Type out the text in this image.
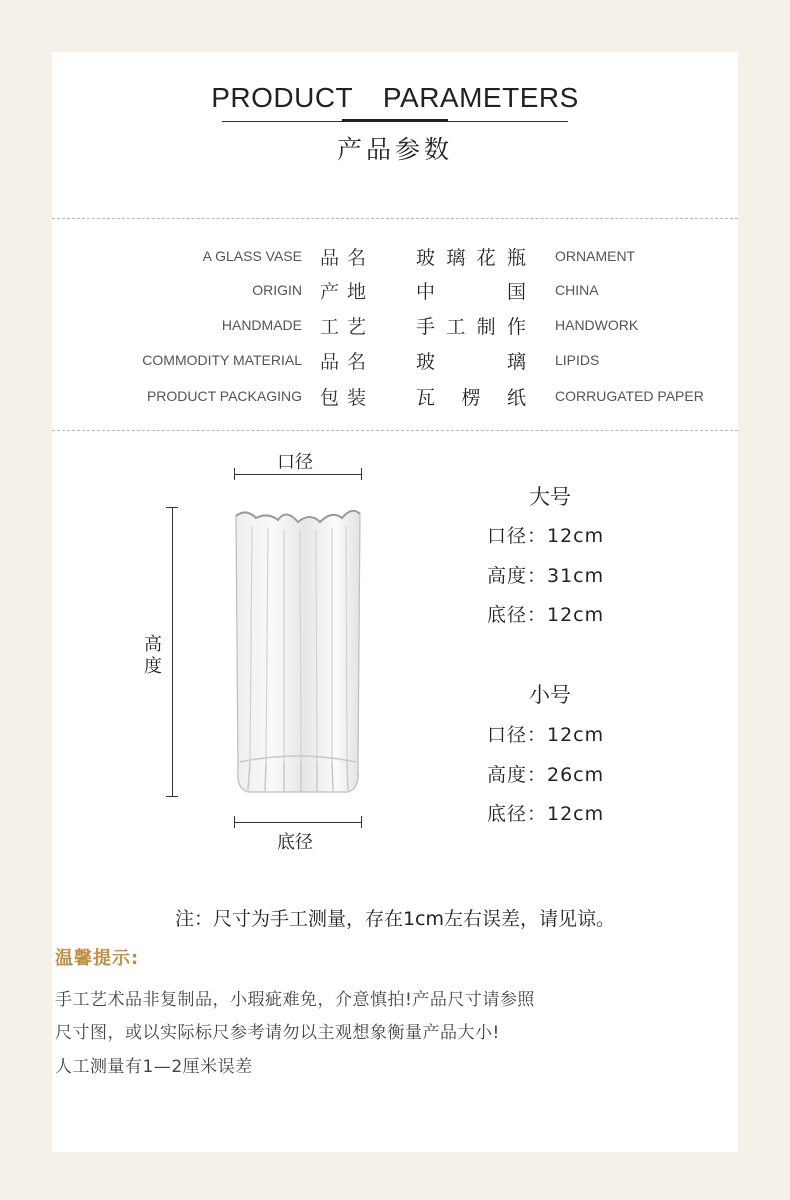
PRODUCT PARAMETERS
产品参数
A GLASS VASE 品名	玻 璃 花 瓶 ORNAMENT
ORIGIN 产地	中	国 CHINA
HANDMADE 工艺	手 工 制 作 HANDWORK
COMMODITY MATERIAL 品名	玻	璃 LIPIDS
PRODUCT PACKAGING 包装	瓦 楞 纸 CORRUGATED PAPER
口径
高
度
底径
大号
口径：12cm
高度：31cm
底径：12cm
小号
口径：12cm
高度：26cm
底径：12cm
注：尺寸为手工测量，存在1cm左右误差，请见谅。
温馨提示:
手工艺术品非复制品，小瑕疵难免，介意慎拍!产品尺寸请参照
尺寸图，或以实际标尺参考请勿以主观想象衡量产品大小!
人工测量有1—2厘米误差
